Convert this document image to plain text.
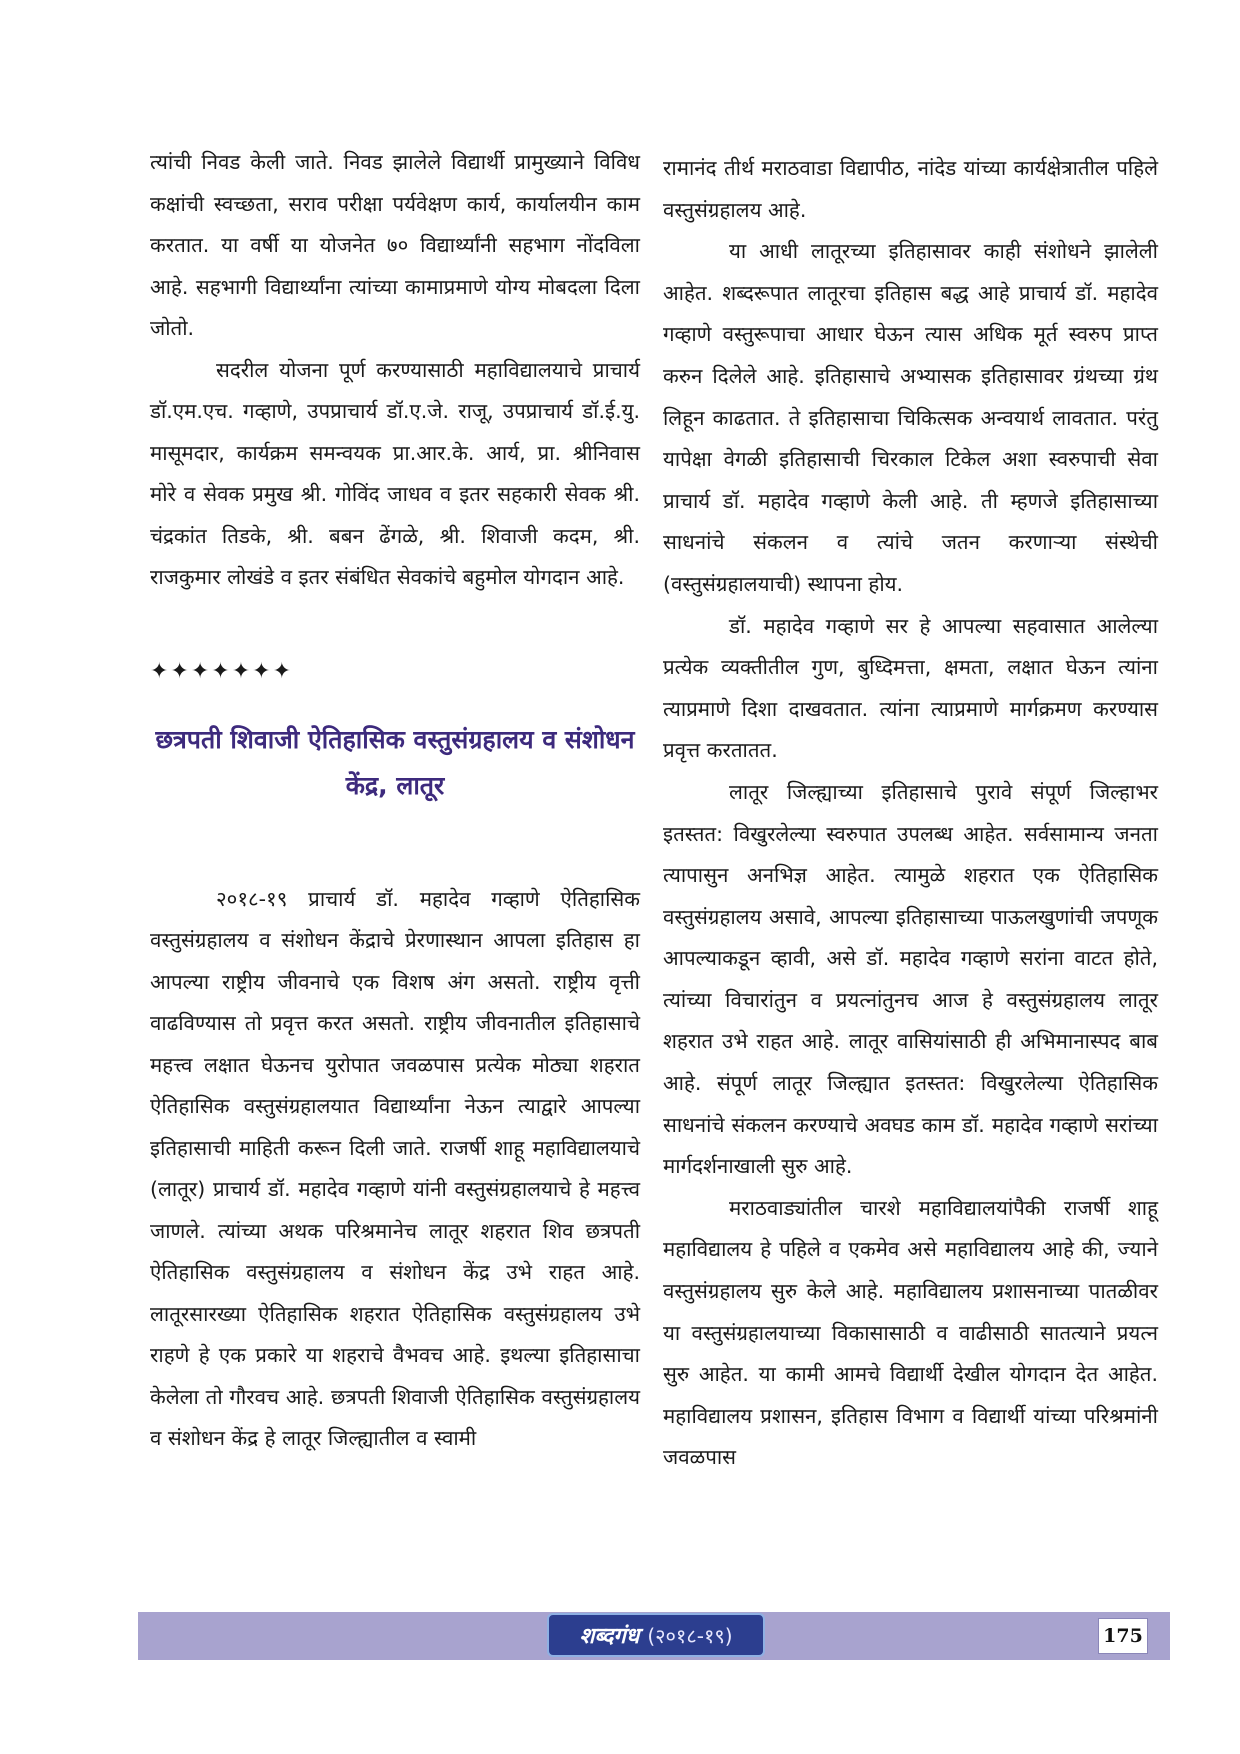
त्यांची निवड केली जाते. निवड झालेले विद्यार्थी प्रामुख्याने विविध कक्षांची स्वच्छता, सराव परीक्षा पर्यवेक्षण कार्य, कार्यालयीन काम करतात. या वर्षी या योजनेत ७० विद्यार्थ्यांनी सहभाग नोंदविला आहे. सहभागी विद्यार्थ्यांना त्यांच्या कामाप्रमाणे योग्य मोबदला दिला जोतो.

सदरील योजना पूर्ण करण्यासाठी महाविद्यालयाचे प्राचार्य डॉ.एम.एच. गव्हाणे, उपप्राचार्य डॉ.ए.जे. राजू, उपप्राचार्य डॉ.ई.यु. मासूमदार, कार्यक्रम समन्वयक प्रा.आर.के. आर्य, प्रा. श्रीनिवास मोरे व सेवक प्रमुख श्री. गोविंद जाधव व इतर सहकारी सेवक श्री. चंद्रकांत तिडके, श्री. बबन ढेंगळे, श्री. शिवाजी कदम, श्री. राजकुमार लोखंडे व इतर संबंधित सेवकांचे बहुमोल योगदान आहे.

✦✦✦✦✦✦✦
छत्रपती शिवाजी ऐतिहासिक वस्तुसंग्रहालय व संशोधन केंद्र, लातूर

२०१८-१९ प्राचार्य डॉ. महादेव गव्हाणे ऐतिहासिक वस्तुसंग्रहालय व संशोधन केंद्राचे प्रेरणास्थान आपला इतिहास हा आपल्या राष्ट्रीय जीवनाचे एक विशष अंग असतो. राष्ट्रीय वृत्ती वाढविण्यास तो प्रवृत्त करत असतो. राष्ट्रीय जीवनातील इतिहासाचे महत्त्व लक्षात घेऊनच युरोपात जवळपास प्रत्येक मोठ्या शहरात ऐतिहासिक वस्तुसंग्रहालयात विद्यार्थ्यांना नेऊन त्याद्वारे आपल्या इतिहासाची माहिती करून दिली जाते. राजर्षी शाहू महाविद्यालयाचे (लातूर) प्राचार्य डॉ. महादेव गव्हाणे यांनी वस्तुसंग्रहालयाचे हे महत्त्व जाणले. त्यांच्या अथक परिश्रमानेच लातूर शहरात शिव छत्रपती ऐतिहासिक वस्तुसंग्रहालय व संशोधन केंद्र उभे राहत आहे. लातूरसारख्या ऐतिहासिक शहरात ऐतिहासिक वस्तुसंग्रहालय उभे राहणे हे एक प्रकारे या शहराचे वैभवच आहे. इथल्या इतिहासाचा केलेला तो गौरवच आहे. छत्रपती शिवाजी ऐतिहासिक वस्तुसंग्रहालय व संशोधन केंद्र हे लातूर जिल्ह्यातील व स्वामी

रामानंद तीर्थ मराठवाडा विद्यापीठ, नांदेड यांच्या कार्यक्षेत्रातील पहिले वस्तुसंग्रहालय आहे.

या आधी लातूरच्या इतिहासावर काही संशोधने झालेली आहेत. शब्दरूपात लातूरचा इतिहास बद्ध आहे प्राचार्य डॉ. महादेव गव्हाणे वस्तुरूपाचा आधार घेऊन त्यास अधिक मूर्त स्वरुप प्राप्त करुन दिलेले आहे. इतिहासाचे अभ्यासक इतिहासावर ग्रंथच्या ग्रंथ लिहून काढतात. ते इतिहासाचा चिकित्सक अन्वयार्थ लावतात. परंतु यापेक्षा वेगळी इतिहासाची चिरकाल टिकेल अशा स्वरुपाची सेवा प्राचार्य डॉ. महादेव गव्हाणे केली आहे. ती म्हणजे इतिहासाच्या साधनांचे संकलन व त्यांचे जतन करणाऱ्या संस्थेची (वस्तुसंग्रहालयाची) स्थापना होय.

डॉ. महादेव गव्हाणे सर हे आपल्या सहवासात आलेल्या प्रत्येक व्यक्तीतील गुण, बुध्दिमत्ता, क्षमता, लक्षात घेऊन त्यांना त्याप्रमाणे दिशा दाखवतात. त्यांना त्याप्रमाणे मार्गक्रमण करण्यास प्रवृत्त करतातत.

लातूर जिल्ह्याच्या इतिहासाचे पुरावे संपूर्ण जिल्हाभर इतस्तत: विखुरलेल्या स्वरुपात उपलब्ध आहेत. सर्वसामान्य जनता त्यापासुन अनभिज्ञ आहेत. त्यामुळे शहरात एक ऐतिहासिक वस्तुसंग्रहालय असावे, आपल्या इतिहासाच्या पाऊलखुणांची जपणूक आपल्याकडून व्हावी, असे डॉ. महादेव गव्हाणे सरांना वाटत होते, त्यांच्या विचारांतुन व प्रयत्नांतुनच आज हे वस्तुसंग्रहालय लातूर शहरात उभे राहत आहे. लातूर वासियांसाठी ही अभिमानास्पद बाब आहे. संपूर्ण लातूर जिल्ह्यात इतस्तत: विखुरलेल्या ऐतिहासिक साधनांचे संकलन करण्याचे अवघड काम डॉ. महादेव गव्हाणे सरांच्या मार्गदर्शनाखाली सुरु आहे.

मराठवाड्यांतील चारशे महाविद्यालयांपैकी राजर्षी शाहू महाविद्यालय हे पहिले व एकमेव असे महाविद्यालय आहे की, ज्याने वस्तुसंग्रहालय सुरु केले आहे. महाविद्यालय प्रशासनाच्या पातळीवर या वस्तुसंग्रहालयाच्या विकासासाठी व वाढीसाठी सातत्याने प्रयत्न सुरु आहेत. या कामी आमचे विद्यार्थी देखील योगदान देत आहेत. महाविद्यालय प्रशासन, इतिहास विभाग व विद्यार्थी यांच्या परिश्रमांनी जवळपास

शब्दगंध (२०१८-१९)	175
